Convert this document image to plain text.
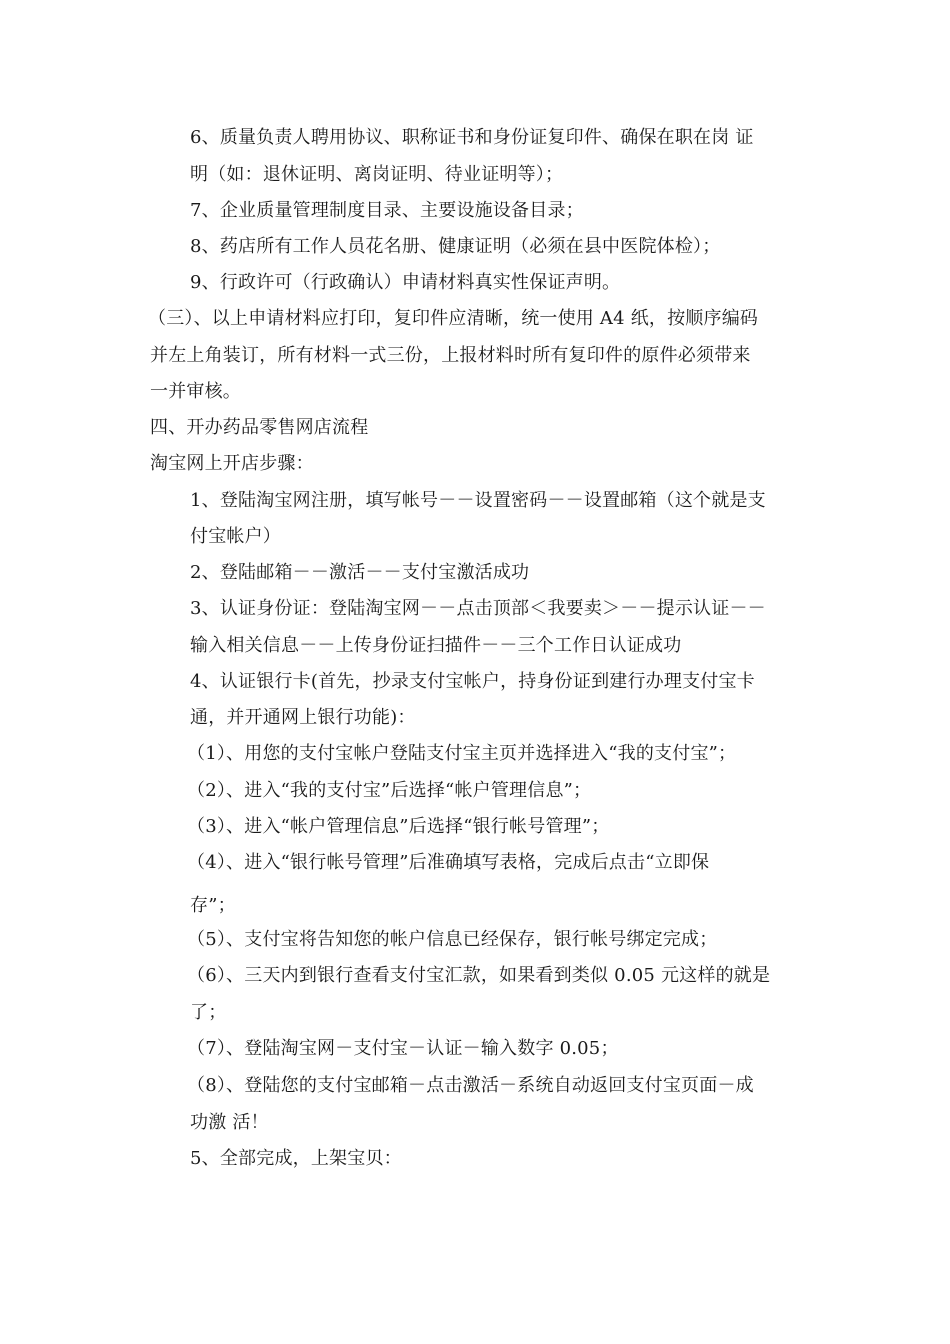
6、质量负责人聘用协议、职称证书和身份证复印件、确保在职在岗 证
明（如：退休证明、离岗证明、待业证明等）；
7、企业质量管理制度目录、主要设施设备目录；
8、药店所有工作人员花名册、健康证明（必须在县中医院体检）；
9、行政许可（行政确认）申请材料真实性保证声明。
（三）、以上申请材料应打印，复印件应清晰，统一使用 A4 纸，按顺序编码
并左上角装订，所有材料一式三份，上报材料时所有复印件的原件必须带来
一并审核。
四、开办药品零售网店流程
淘宝网上开店步骤：
1、登陆淘宝网注册，填写帐号－－设置密码－－设置邮箱（这个就是支
付宝帐户）
2、登陆邮箱－－激活－－支付宝激活成功
3、认证身份证：登陆淘宝网－－点击顶部＜我要卖＞－－提示认证－－
输入相关信息－－上传身份证扫描件－－三个工作日认证成功
4、认证银行卡(首先，抄录支付宝帐户，持身份证到建行办理支付宝卡
通，并开通网上银行功能)：
（1）、用您的支付宝帐户登陆支付宝主页并选择进入“我的支付宝”；
（2）、进入“我的支付宝”后选择“帐户管理信息”；
（3）、进入“帐户管理信息”后选择“银行帐号管理”；
（4）、进入“银行帐号管理”后准确填写表格，完成后点击“立即保
存”；
（5）、支付宝将告知您的帐户信息已经保存，银行帐号绑定完成；
（6）、三天内到银行查看支付宝汇款，如果看到类似 0.05 元这样的就是
了；
（7）、登陆淘宝网－支付宝－认证－输入数字 0.05；
（8）、登陆您的支付宝邮箱－点击激活－系统自动返回支付宝页面－成
功激 活！
5、全部完成，上架宝贝：
